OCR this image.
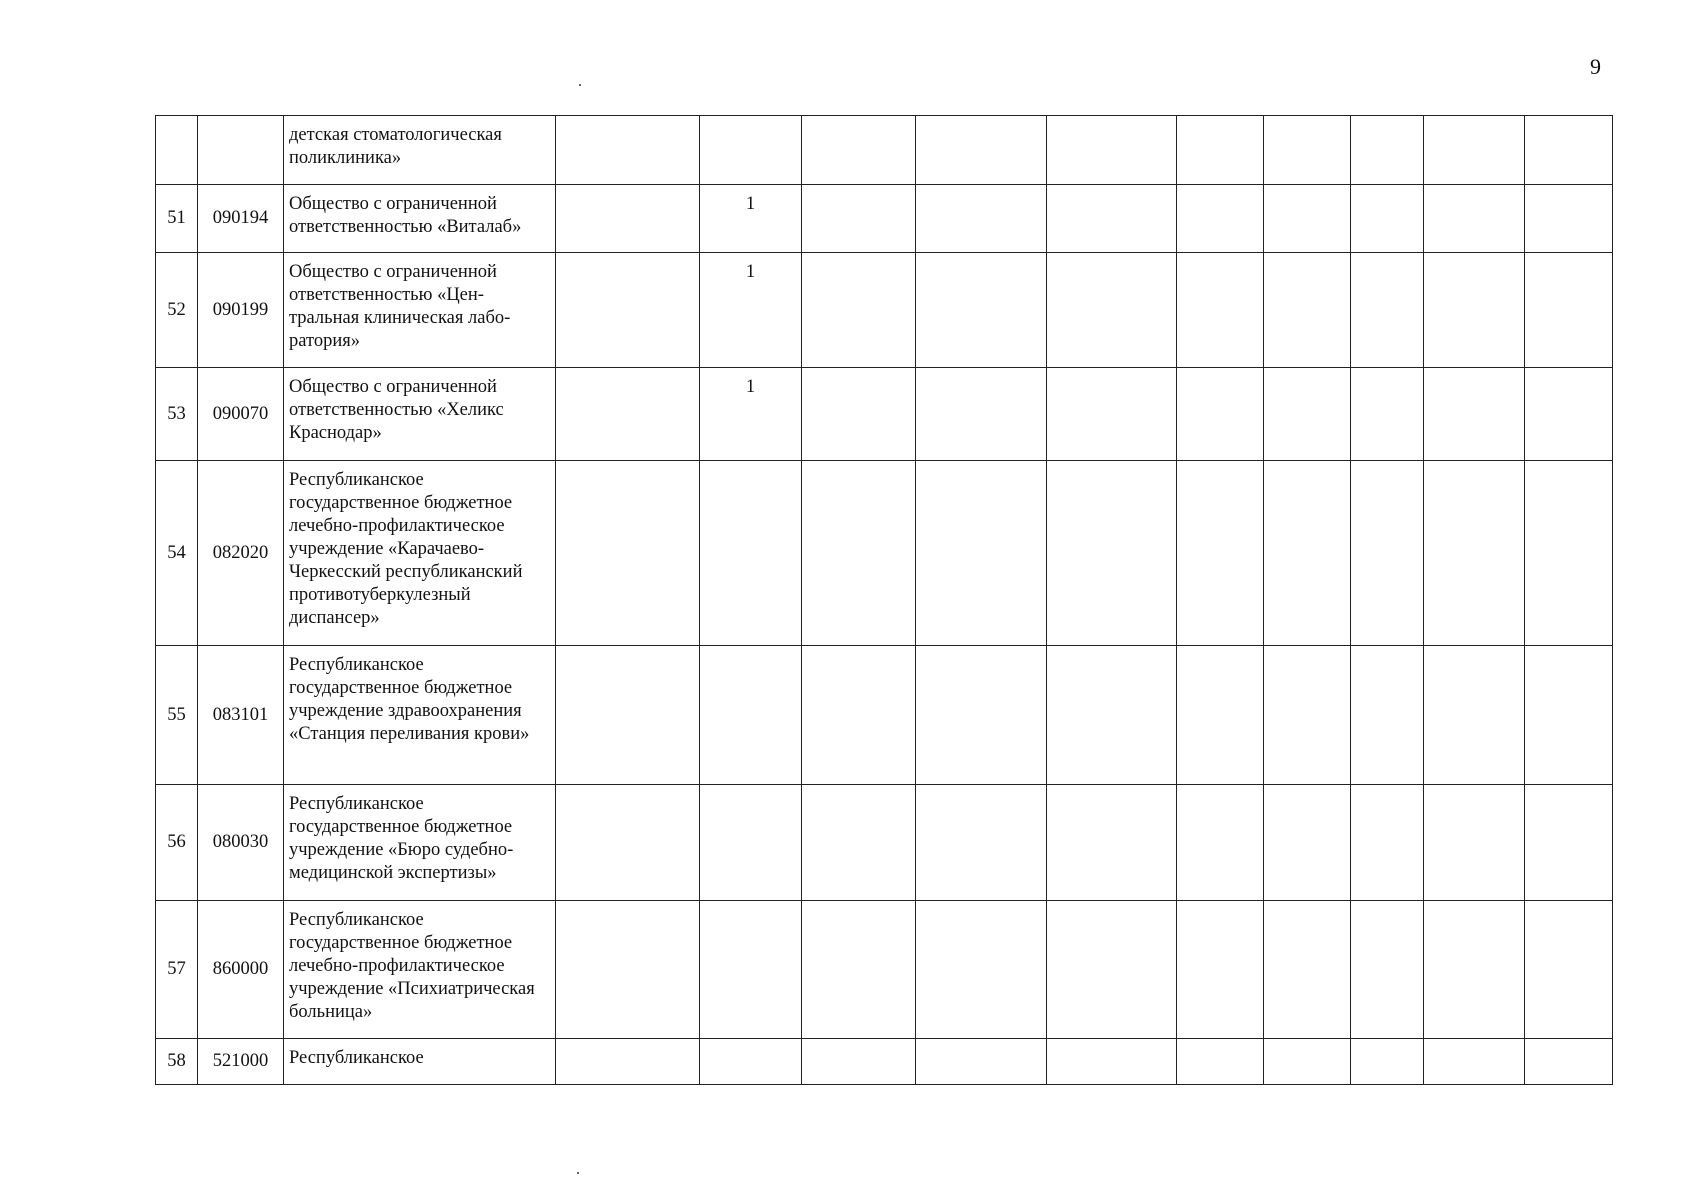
9
		детская стоматологическая поликлиника»										
51	090194	Общество с ограниченной ответственностью «Виталаб»		1								
52	090199	Общество с ограниченной ответственностью «Цен-тральная клиническая лабо-ратория»		1								
53	090070	Общество с ограниченной ответственностью «Хеликс Краснодар»		1								
54	082020	Республиканское государственное бюджетное лечебно-профилактическое учреждение «Карачаево-Черкесский республиканский противотуберкулезный диспансер»										
55	083101	Республиканское государственное бюджетное учреждение здравоохранения «Станция переливания крови»										
56	080030	Республиканское государственное бюджетное учреждение «Бюро судебно-медицинской экспертизы»										
57	860000	Республиканское государственное бюджетное лечебно-профилактическое учреждение «Психиатрическая больница»										
58	521000	Республиканское										
